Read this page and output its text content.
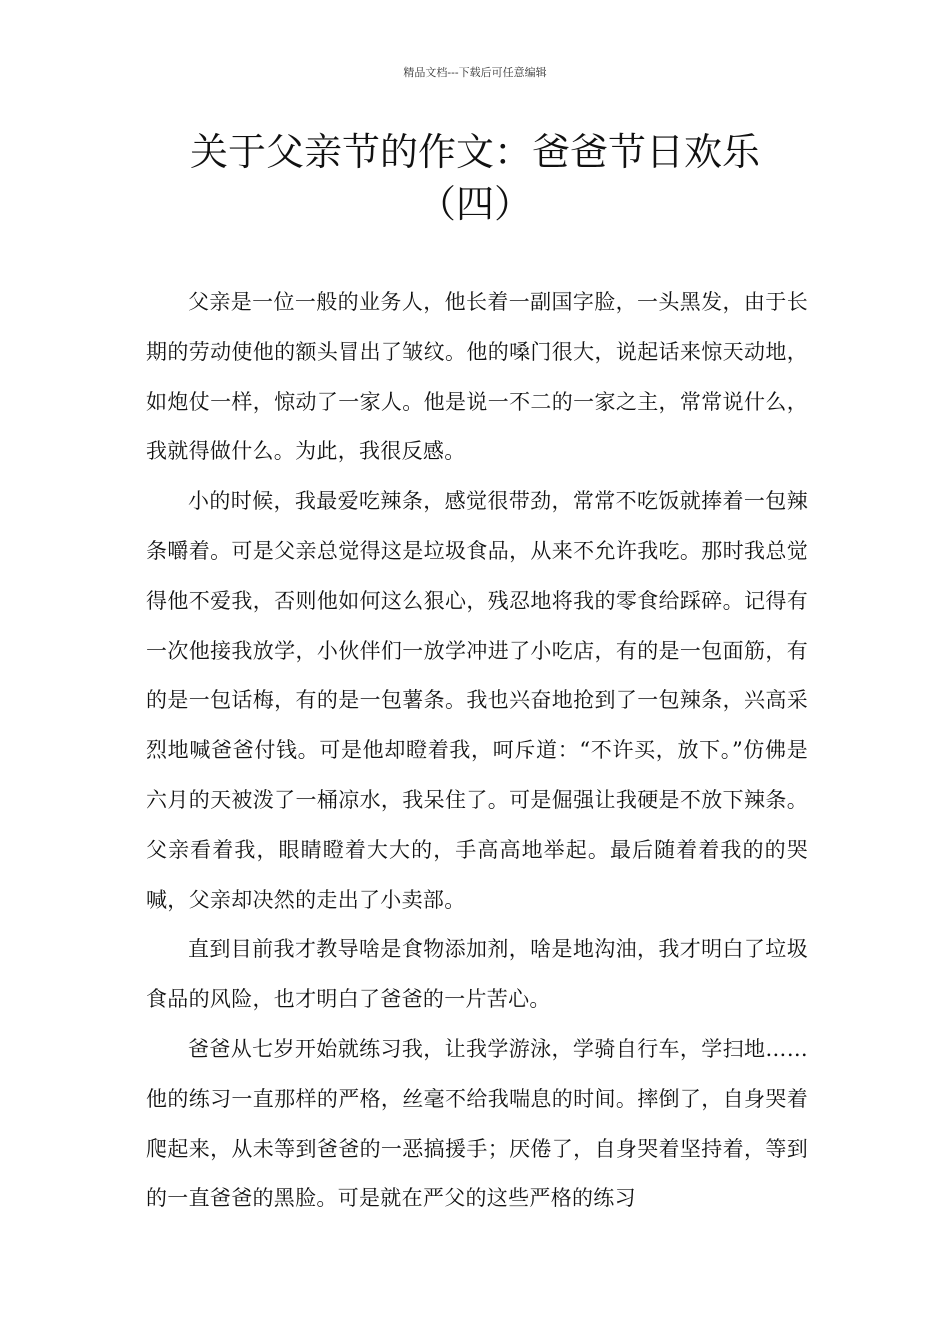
精品文档---下载后可任意编辑
关于父亲节的作文：爸爸节日欢乐
（四）

父亲是一位一般的业务人，他长着一副国字脸，一头黑发，由于长期的劳动使他的额头冒出了皱纹。他的嗓门很大，说起话来惊天动地，如炮仗一样，惊动了一家人。他是说一不二的一家之主，常常说什么，我就得做什么。为此，我很反感。

小的时候，我最爱吃辣条，感觉很带劲，常常不吃饭就捧着一包辣条嚼着。可是父亲总觉得这是垃圾食品，从来不允许我吃。那时我总觉得他不爱我，否则他如何这么狠心，残忍地将我的零食给踩碎。记得有一次他接我放学，小伙伴们一放学冲进了小吃店，有的是一包面筋，有的是一包话梅，有的是一包薯条。我也兴奋地抢到了一包辣条，兴高采烈地喊爸爸付钱。可是他却瞪着我，呵斥道：“不许买，放下。”仿佛是六月的天被泼了一桶凉水，我呆住了。可是倔强让我硬是不放下辣条。父亲看着我，眼睛瞪着大大的，手高高地举起。最后随着着我的的哭喊，父亲却决然的走出了小卖部。

直到目前我才教导啥是食物添加剂，啥是地沟油，我才明白了垃圾食品的风险，也才明白了爸爸的一片苦心。

爸爸从七岁开始就练习我，让我学游泳，学骑自行车，学扫地……他的练习一直那样的严格，丝毫不给我喘息的时间。摔倒了，自身哭着爬起来，从未等到爸爸的一恶搞援手；厌倦了，自身哭着坚持着，等到的一直爸爸的黑脸。可是就在严父的这些严格的练习
